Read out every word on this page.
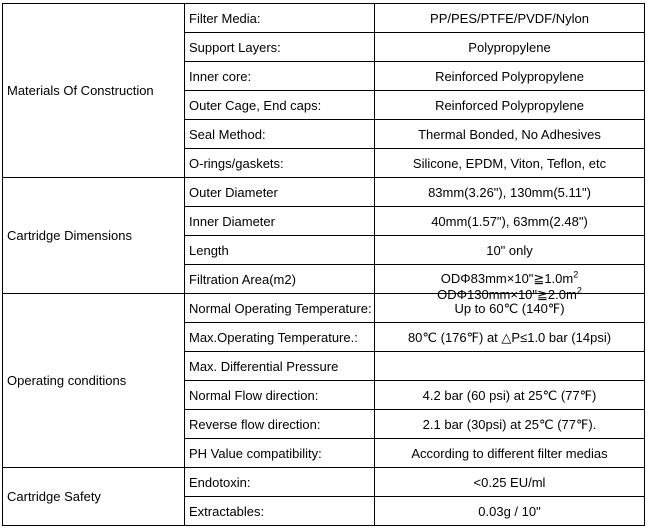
Materials Of Construction	Filter Media:	PP/PES/PTFE/PVDF/Nylon
	Support Layers:	Polypropylene
	Inner core:	Reinforced Polypropylene
	Outer Cage, End caps:	Reinforced Polypropylene
	Seal Method:	Thermal Bonded, No Adhesives
	O-rings/gaskets:	Silicone, EPDM, Viton, Teflon, etc
Cartridge Dimensions	Outer Diameter	83mm(3.26"), 130mm(5.11")
	Inner Diameter	40mm(1.57"), 63mm(2.48")
	Length	10" only
	Filtration Area(m2)	$OD\Phi 83mm\times 10"≧1.0m^2$
$OD\Phi 130mm\times 10"≧2.0m^2$

Operating conditions	Normal Operating Temperature:	Up to 60℃ (140℉)
	Max.Operating Temperature.:	80℃ (176℉) at △P≤1.0 bar (14psi)
	Max. Differential Pressure	
	Normal Flow direction:	4.2 bar (60 psi) at 25℃ (77℉)
	Reverse flow direction:	2.1 bar (30psi) at 25℃ (77℉).
	PH Value compatibility:	According to different filter medias
Cartridge Safety	Endotoxin:	<0.25 EU/ml
	Extractables:	0.03g / 10"
